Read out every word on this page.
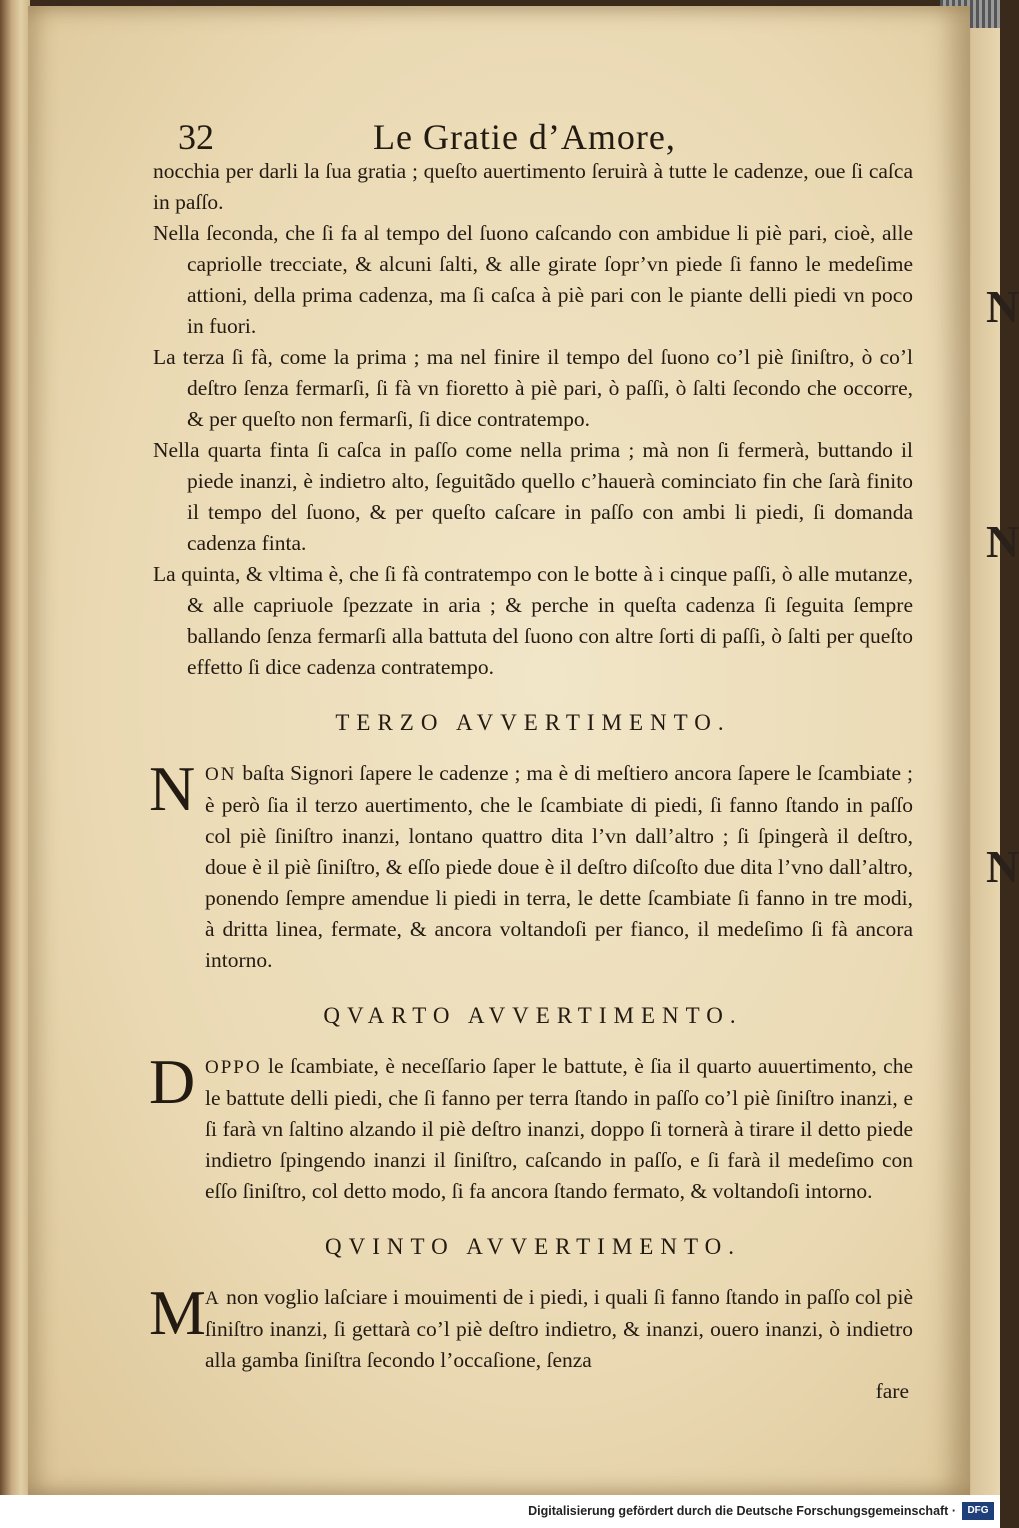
N
N
N
32	Le Gratie d’Amore,

nocchia per darli la ſua gratia ; queſto auertimento ſeruirà à tutte le cadenze, oue ſi caſca in paſſo.

Nella ſeconda, che ſi fa al tempo del ſuono caſcando con ambidue li piè pari, cioè, alle capriolle trecciate, & alcuni ſalti, & alle girate ſopr’vn piede ſi fanno le medeſime attioni, della prima cadenza, ma ſi caſca à piè pari con le piante delli piedi vn poco in fuori.

La terza ſi fà, come la prima ; ma nel finire il tempo del ſuono co’l piè ſiniſtro, ò co’l deſtro ſenza fermarſi, ſi fà vn fioretto à piè pari, ò paſſi, ò ſalti ſecondo che occorre, & per queſto non fermarſi, ſi dice contratempo.

Nella quarta finta ſi caſca in paſſo come nella prima ; mà non ſi fermerà, buttando il piede inanzi, è indietro alto, ſeguitãdo quello c’hauerà cominciato fin che ſarà finito il tempo del ſuono, & per queſto caſcare in paſſo con ambi li piedi, ſi domanda cadenza finta.

La quinta, & vltima è, che ſi fà contratempo con le botte à i cinque paſſi, ò alle mutanze, & alle capriuole ſpezzate in aria ; & perche in queſta cadenza ſi ſeguita ſempre ballando ſenza fermarſi alla battuta del ſuono con altre ſorti di paſſi, ò ſalti per queſto effetto ſi dice cadenza contratempo.

TERZO AVVERTIMENTO.

N ON baſta Signori ſapere le cadenze ; ma è di meſtiero ancora ſapere le ſcambiate ; è però ſia il terzo auertimento, che le ſcambiate di piedi, ſi fanno ſtando in paſſo col piè ſiniſtro inanzi, lontano quattro dita l’vn dall’altro ; ſi ſpingerà il deſtro, doue è il piè ſiniſtro, & eſſo piede doue è il deſtro diſcoſto due dita l’vno dall’altro, ponendo ſempre amendue li piedi in terra, le dette ſcambiate ſi fanno in tre modi, à dritta linea, fermate, & ancora voltandoſi per fianco, il medeſimo ſi fà ancora intorno.

QVARTO AVVERTIMENTO.

D OPPO le ſcambiate, è neceſſario ſaper le battute, è ſia il quarto auuertimento, che le battute delli piedi, che ſi fanno per terra ſtando in paſſo co’l piè ſiniſtro inanzi, e ſi farà vn ſaltino alzando il piè deſtro inanzi, doppo ſi tornerà à tirare il detto piede indietro ſpingendo inanzi il ſiniſtro, caſcando in paſſo, e ſi farà il medeſimo con eſſo ſiniſtro, col detto modo, ſi fa ancora ſtando fermato, & voltandoſi intorno.

QVINTO AVVERTIMENTO.

M A non voglio laſciare i mouimenti de i piedi, i quali ſi fanno ſtando in paſſo col piè ſiniſtro inanzi, ſi gettarà co’l piè deſtro indietro, & inanzi, ouero inanzi, ò indietro alla gamba ſiniſtra ſecondo l’occaſione, ſenza

fare

Digitalisierung gefördert durch die Deutsche Forschungsgemeinschaft ·	DFG
